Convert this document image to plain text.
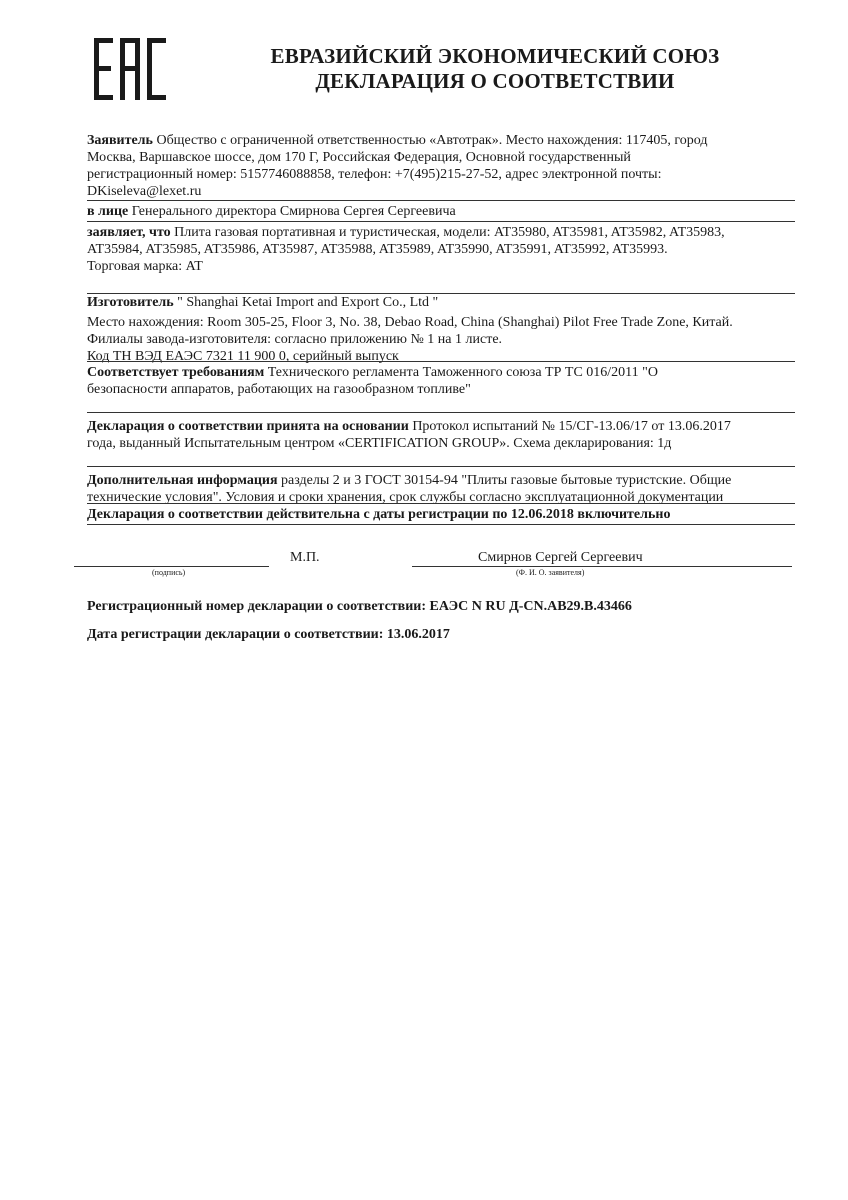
ЕВРАЗИЙСКИЙ ЭКОНОМИЧЕСКИЙ СОЮЗ
ДЕКЛАРАЦИЯ О СООТВЕТСТВИИ
Заявитель Общество с ограниченной ответственностью «Автотрак». Место нахождения: 117405, город
Москва, Варшавское шоссе, дом 170 Г, Российская Федерация, Основной государственный
регистрационный номер: 5157746088858, телефон: +7(495)215-27-52, адрес электронной почты:
DKiseleva@lexet.ru
в лице Генерального директора Смирнова Сергея Сергеевича
заявляет, что Плита газовая портативная и туристическая, модели: AT35980, AT35981, AT35982, AT35983,
AT35984, AT35985, AT35986, AT35987, AT35988, AT35989, AT35990, AT35991, AT35992, AT35993.
Торговая марка: AT
Изготовитель " Shanghai Ketai Import and Export Co., Ltd "
Место нахождения: Room 305-25, Floor 3, No. 38, Debao Road, China (Shanghai) Pilot Free Trade Zone, Китай.
Филиалы завода-изготовителя: согласно приложению № 1 на 1 листе.
Код ТН ВЭД ЕАЭС 7321 11 900 0, серийный выпуск
Соответствует требованиям Технического регламента Таможенного союза ТР ТС 016/2011 "О
безопасности аппаратов, работающих на газообразном топливе"
Декларация о соответствии принята на основании Протокол испытаний № 15/СГ-13.06/17 от 13.06.2017
года, выданный Испытательным центром «CERTIFICATION GROUP». Схема декларирования: 1д
Дополнительная информация разделы 2 и 3 ГОСТ 30154-94 "Плиты газовые бытовые туристские. Общие
технические условия". Условия и сроки хранения, срок службы согласно эксплуатационной документации
Декларация о соответствии действительна с даты регистрации по 12.06.2018 включительно
(подпись)
М.П.	Смирнов Сергей Сергеевич
(Ф. И. О. заявителя)
Регистрационный номер декларации о соответствии: ЕАЭС N RU Д-CN.АВ29.В.43466
Дата регистрации декларации о соответствии: 13.06.2017
